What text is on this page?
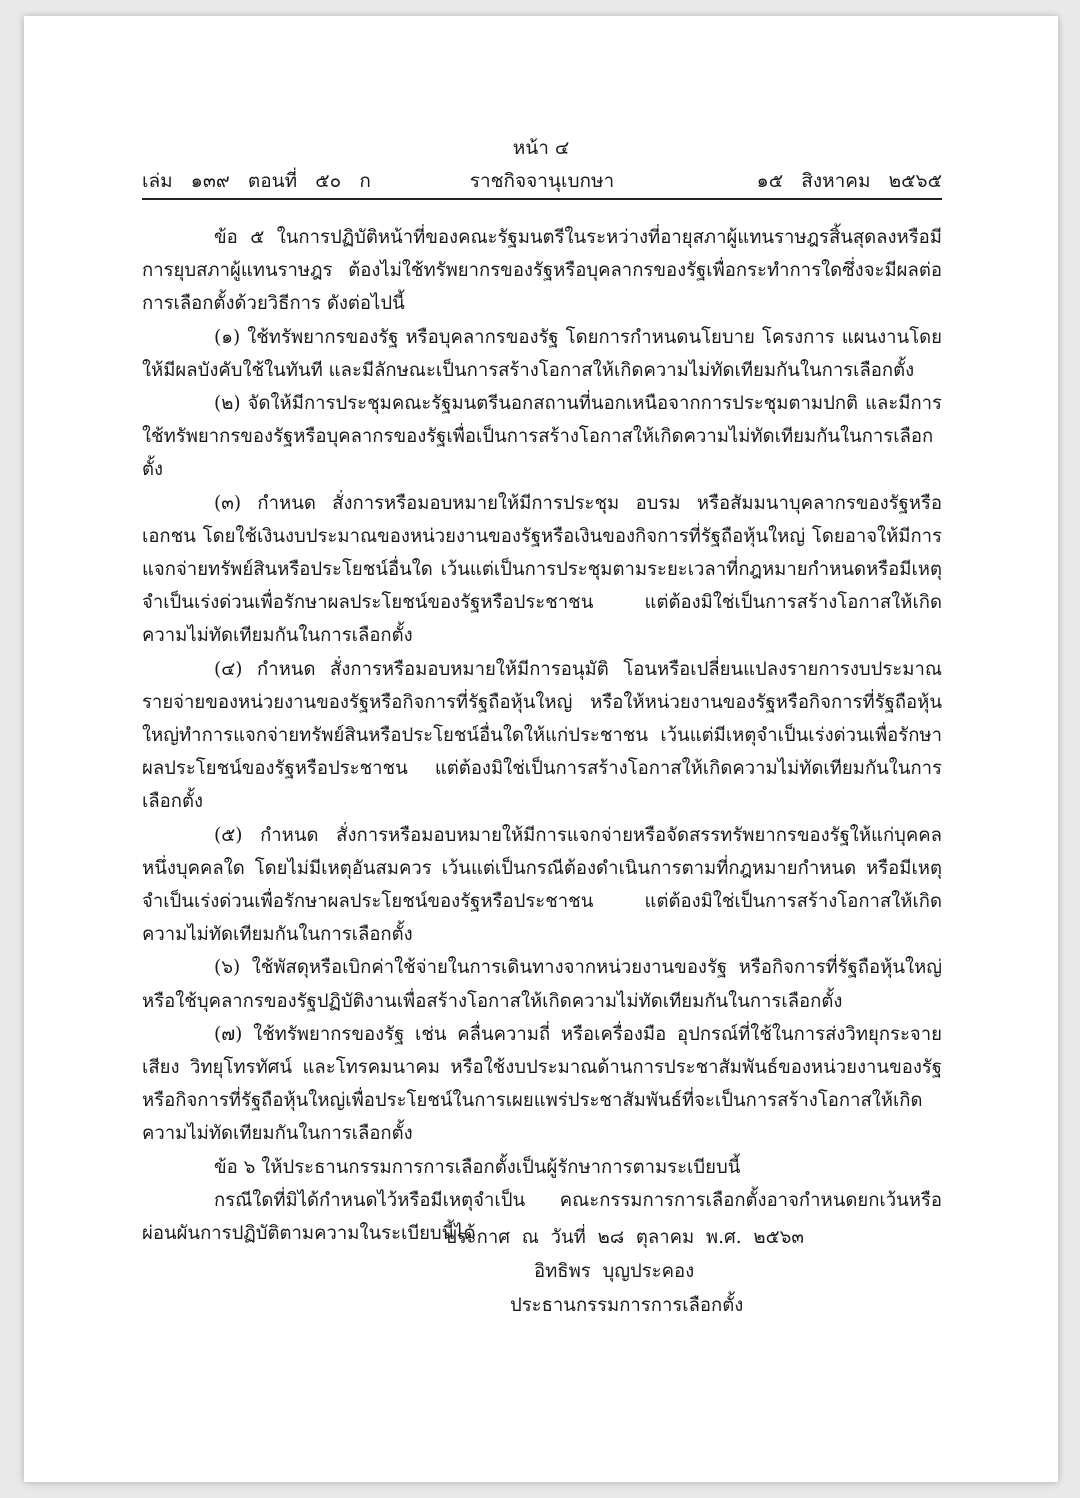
หน้า ๔
เล่ม   ๑๓๙   ตอนที่   ๕๐   ก	ราชกิจจานุเบกษา	๑๕   สิงหาคม   ๒๕๖๕

ข้อ ๕ ในการปฏิบัติหน้าที่ของคณะรัฐมนตรีในระหว่างที่อายุสภาผู้แทนราษฎรสิ้นสุดลงหรือมีการยุบสภาผู้แทนราษฎร ต้องไม่ใช้ทรัพยากรของรัฐหรือบุคลากรของรัฐเพื่อกระทำการใดซึ่งจะมีผลต่อการเลือกตั้งด้วยวิธีการ ดังต่อไปนี้

(๑) ใช้ทรัพยากรของรัฐ หรือบุคลากรของรัฐ โดยการกำหนดนโยบาย โครงการ แผนงานโดยให้มีผลบังคับใช้ในทันที และมีลักษณะเป็นการสร้างโอกาสให้เกิดความไม่ทัดเทียมกันในการเลือกตั้ง

(๒) จัดให้มีการประชุมคณะรัฐมนตรีนอกสถานที่นอกเหนือจากการประชุมตามปกติ และมีการใช้ทรัพยากรของรัฐหรือบุคลากรของรัฐเพื่อเป็นการสร้างโอกาสให้เกิดความไม่ทัดเทียมกันในการเลือกตั้ง

(๓) กำหนด สั่งการหรือมอบหมายให้มีการประชุม อบรม หรือสัมมนาบุคลากรของรัฐหรือเอกชน โดยใช้เงินงบประมาณของหน่วยงานของรัฐหรือเงินของกิจการที่รัฐถือหุ้นใหญ่ โดยอาจให้มีการแจกจ่ายทรัพย์สินหรือประโยชน์อื่นใด เว้นแต่เป็นการประชุมตามระยะเวลาที่กฎหมายกำหนดหรือมีเหตุจำเป็นเร่งด่วนเพื่อรักษาผลประโยชน์ของรัฐหรือประชาชน แต่ต้องมิใช่เป็นการสร้างโอกาสให้เกิดความไม่ทัดเทียมกันในการเลือกตั้ง

(๔) กำหนด สั่งการหรือมอบหมายให้มีการอนุมัติ โอนหรือเปลี่ยนแปลงรายการงบประมาณรายจ่ายของหน่วยงานของรัฐหรือกิจการที่รัฐถือหุ้นใหญ่ หรือให้หน่วยงานของรัฐหรือกิจการที่รัฐถือหุ้นใหญ่ทำการแจกจ่ายทรัพย์สินหรือประโยชน์อื่นใดให้แก่ประชาชน เว้นแต่มีเหตุจำเป็นเร่งด่วนเพื่อรักษาผลประโยชน์ของรัฐหรือประชาชน แต่ต้องมิใช่เป็นการสร้างโอกาสให้เกิดความไม่ทัดเทียมกันในการเลือกตั้ง

(๕) กำหนด สั่งการหรือมอบหมายให้มีการแจกจ่ายหรือจัดสรรทรัพยากรของรัฐให้แก่บุคคลหนึ่งบุคคลใด โดยไม่มีเหตุอันสมควร เว้นแต่เป็นกรณีต้องดำเนินการตามที่กฎหมายกำหนด หรือมีเหตุจำเป็นเร่งด่วนเพื่อรักษาผลประโยชน์ของรัฐหรือประชาชน แต่ต้องมิใช่เป็นการสร้างโอกาสให้เกิดความไม่ทัดเทียมกันในการเลือกตั้ง

(๖) ใช้พัสดุหรือเบิกค่าใช้จ่ายในการเดินทางจากหน่วยงานของรัฐ หรือกิจการที่รัฐถือหุ้นใหญ่หรือใช้บุคลากรของรัฐปฏิบัติงานเพื่อสร้างโอกาสให้เกิดความไม่ทัดเทียมกันในการเลือกตั้ง

(๗) ใช้ทรัพยากรของรัฐ เช่น คลื่นความถี่ หรือเครื่องมือ อุปกรณ์ที่ใช้ในการส่งวิทยุกระจายเสียง วิทยุโทรทัศน์ และโทรคมนาคม หรือใช้งบประมาณด้านการประชาสัมพันธ์ของหน่วยงานของรัฐ หรือกิจการที่รัฐถือหุ้นใหญ่เพื่อประโยชน์ในการเผยแพร่ประชาสัมพันธ์ที่จะเป็นการสร้างโอกาสให้เกิดความไม่ทัดเทียมกันในการเลือกตั้ง

ข้อ ๖ ให้ประธานกรรมการการเลือกตั้งเป็นผู้รักษาการตามระเบียบนี้

กรณีใดที่มิได้กำหนดไว้หรือมีเหตุจำเป็น คณะกรรมการการเลือกตั้งอาจกำหนดยกเว้นหรือผ่อนผันการปฏิบัติตามความในระเบียบนี้ได้

ประกาศ  ณ  วันที่  ๒๘  ตุลาคม  พ.ศ.  ๒๕๖๓
อิทธิพร  บุญประคอง
ประธานกรรมการการเลือกตั้ง
